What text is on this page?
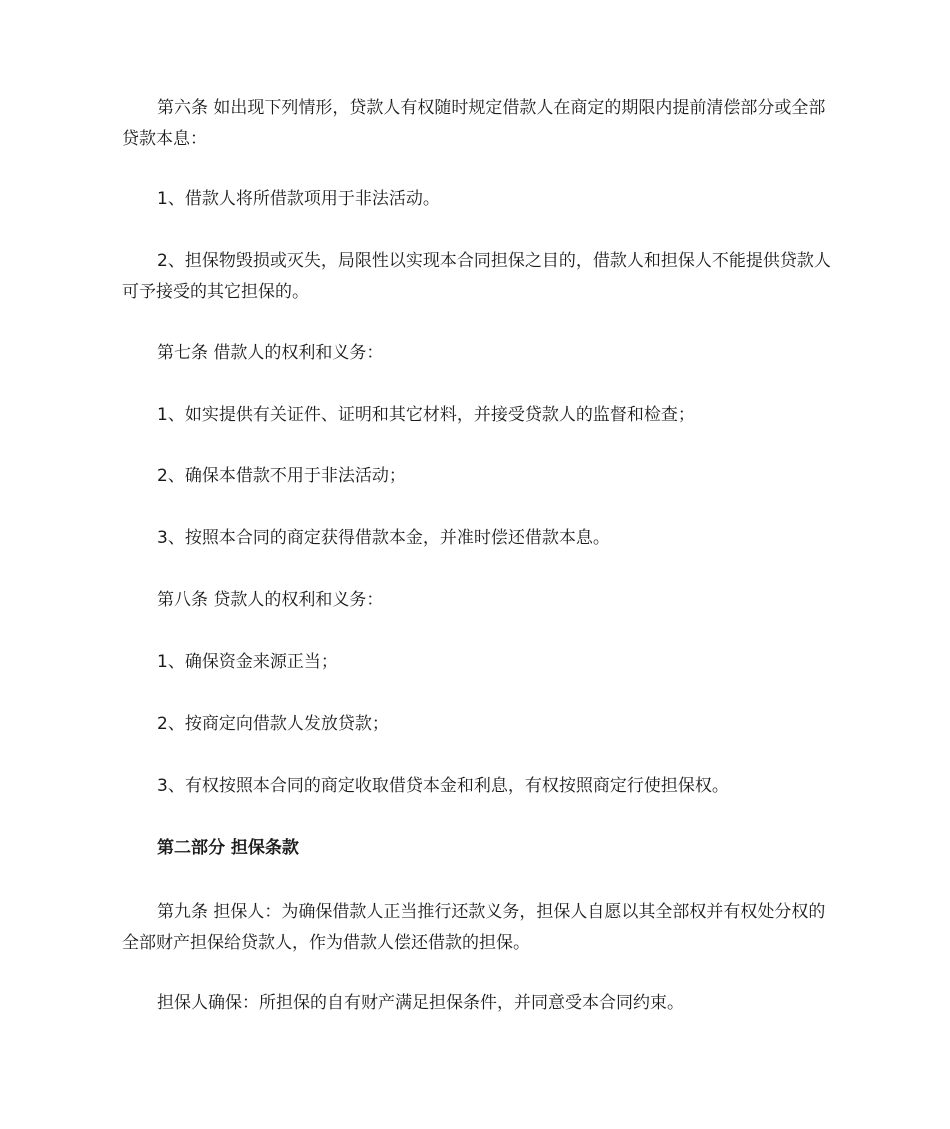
第六条 如出现下列情形，贷款人有权随时规定借款人在商定的期限内提前清偿部分或全部贷款本息：

1、借款人将所借款项用于非法活动。

2、担保物毁损或灭失，局限性以实现本合同担保之目的，借款人和担保人不能提供贷款人可予接受的其它担保的。

第七条 借款人的权利和义务：

1、如实提供有关证件、证明和其它材料，并接受贷款人的监督和检查；

2、确保本借款不用于非法活动；

3、按照本合同的商定获得借款本金，并准时偿还借款本息。

第八条 贷款人的权利和义务：

1、确保资金来源正当；

2、按商定向借款人发放贷款；

3、有权按照本合同的商定收取借贷本金和利息，有权按照商定行使担保权。

第二部分 担保条款

第九条 担保人：为确保借款人正当推行还款义务，担保人自愿以其全部权并有权处分权的全部财产担保给贷款人，作为借款人偿还借款的担保。

担保人确保：所担保的自有财产满足担保条件，并同意受本合同约束。
